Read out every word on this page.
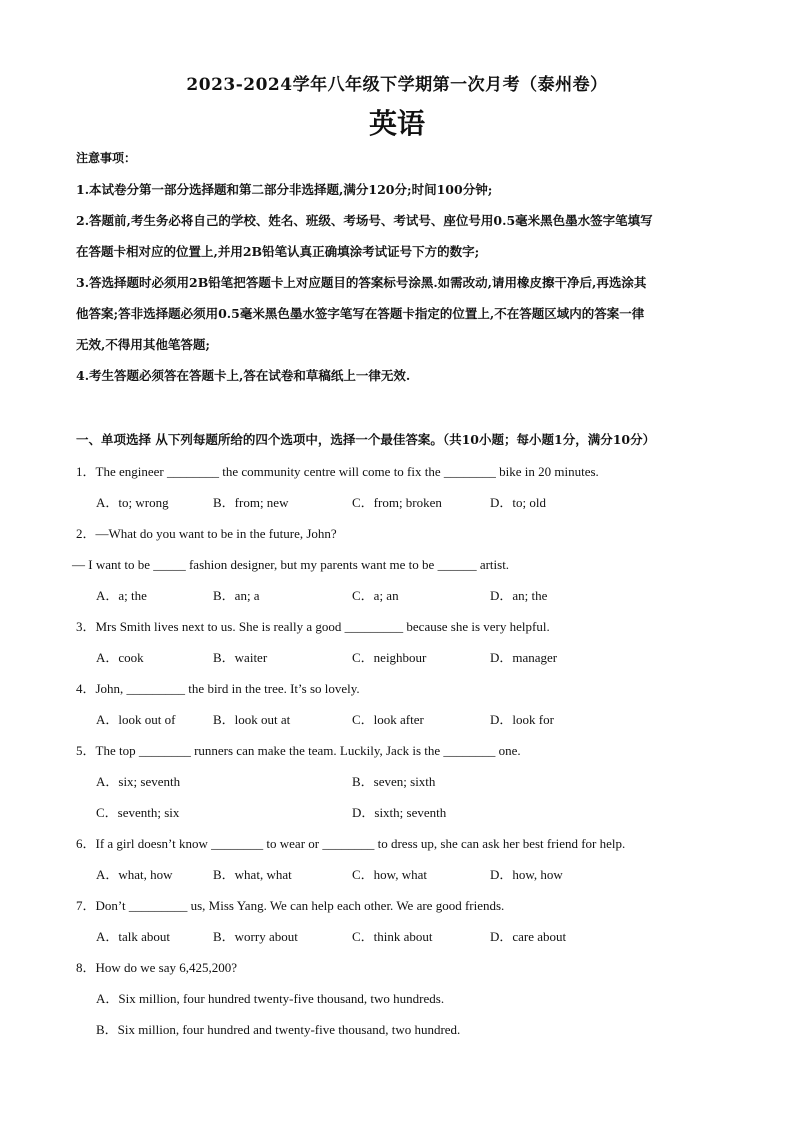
2023-2024学年八年级下学期第一次月考（泰州卷）
英语
注意事项：
1.本试卷分第一部分选择题和第二部分非选择题,满分120分;时间100分钟;
2.答题前,考生务必将自己的学校、姓名、班级、考场号、考试号、座位号用0.5毫米黑色墨水签字笔填写
在答题卡相对应的位置上,并用2B铅笔认真正确填涂考试证号下方的数字;
3.答选择题时必须用2B铅笔把答题卡上对应题目的答案标号涂黑.如需改动,请用橡皮擦干净后,再选涂其
他答案;答非选择题必须用0.5毫米黑色墨水签字笔写在答题卡指定的位置上,不在答题区域内的答案一律
无效,不得用其他笔答题;
4.考生答题必须答在答题卡上,答在试卷和草稿纸上一律无效.
一、单项选择 从下列每题所给的四个选项中，选择一个最佳答案。（共10小题；每小题1分，满分10分）
1．The engineer ________ the community centre will come to fix the ________ bike in 20 minutes.
A．to; wrong	B．from; new	C．from; broken	D．to; old
2．—What do you want to be in the future, John?
— I want to be _____ fashion designer, but my parents want me to be ______ artist.
A．a; the	B．an; a	C．a; an	D．an; the
3．Mrs Smith lives next to us. She is really a good _________ because she is very helpful.
A．cook	B．waiter	C．neighbour	D．manager
4．John, _________ the bird in the tree. It’s so lovely.
A．look out of	B．look out at	C．look after	D．look for
5．The top ________ runners can make the team. Luckily, Jack is the ________ one.
A．six; seventh	B．seven; sixth
C．seventh; six	D．sixth; seventh
6．If a girl doesn’t know ________ to wear or ________ to dress up, she can ask her best friend for help.
A．what, how	B．what, what	C．how, what	D．how, how
7．Don’t _________ us, Miss Yang. We can help each other. We are good friends.
A．talk about	B．worry about	C．think about	D．care about
8．How do we say 6,425,200?
A．Six million, four hundred twenty-five thousand, two hundreds.
B．Six million, four hundred and twenty-five thousand, two hundred.
